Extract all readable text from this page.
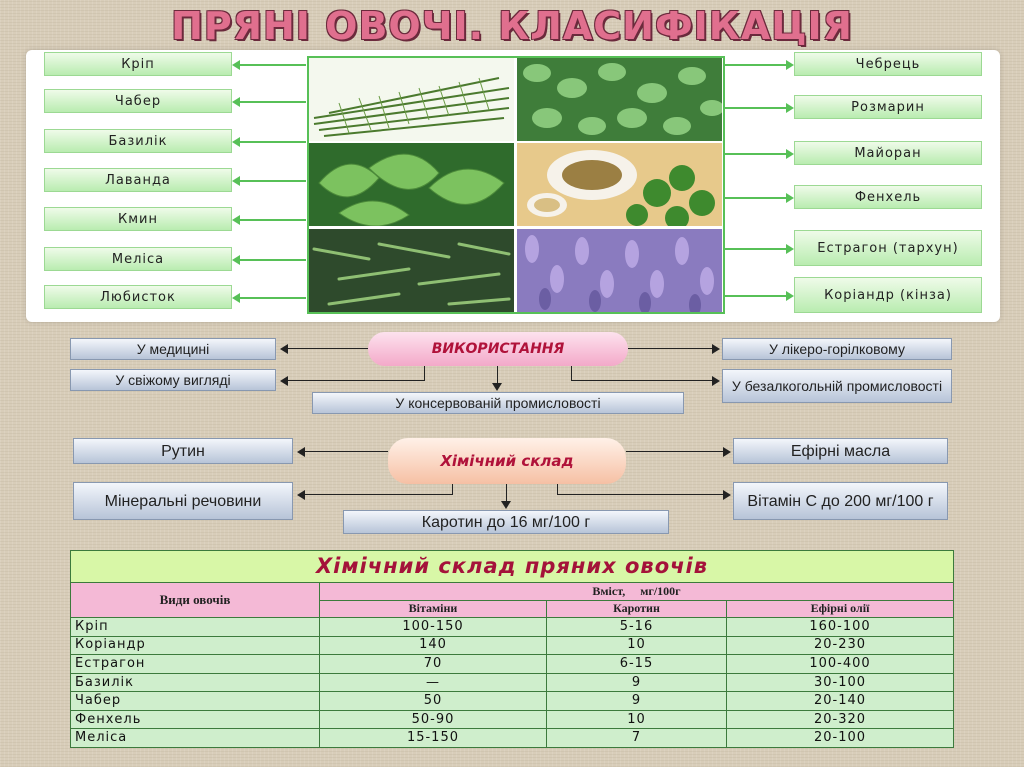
ПРЯНІ ОВОЧІ. КЛАСИФІКАЦІЯ
Кріп
Чабер
Базилік
Лаванда
Кмин
Меліса
Любисток
Чебрець
Розмарин
Майоран
Фенхель
Естрагон (тархун)
Коріандр (кінза)
У медицині
У свіжому вигляді
ВИКОРИСТАННЯ	У лікеро-горілковому
У безалкогольній промисловості
У консервованій промисловості
Рутин
Мінеральні речовини
Хімічний склад
Ефірні масла
Вітамін С до 200 мг/100 г
Каротин до 16 мг/100 г
Хімічний склад пряних овочів			
Види овочів	Вміст,     мг/100г		
	Вітаміни	Каротин	Ефірні олії
Кріп	100-150	5-16	160-100
Коріандр	140	10	20-230
Естрагон	70	6-15	100-400
Базилік	—	9	30-100
Чабер	50	9	20-140
Фенхель	50-90	10	20-320
Меліса	15-150	7	20-100
